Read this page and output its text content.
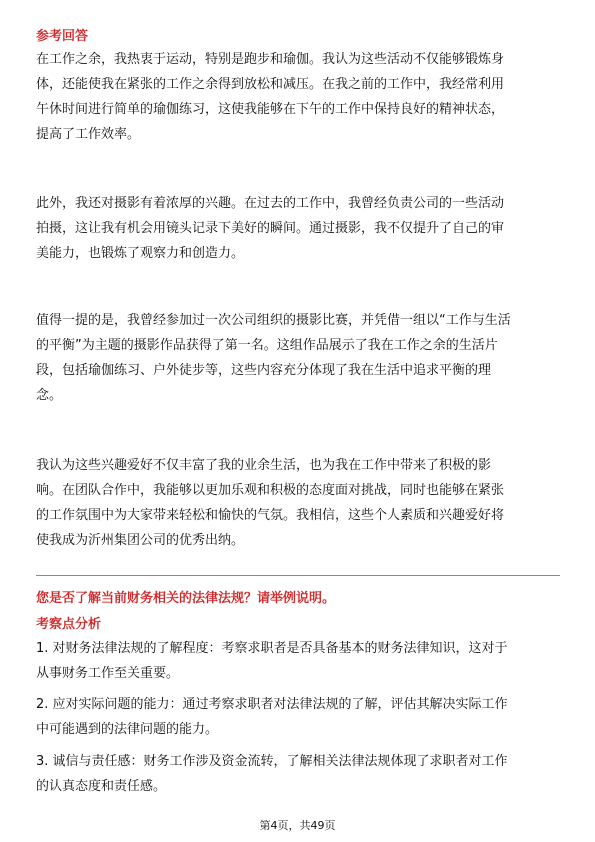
参考回答
在工作之余，我热衷于运动，特别是跑步和瑜伽。我认为这些活动不仅能够锻炼身
体，还能使我在紧张的工作之余得到放松和减压。在我之前的工作中，我经常利用
午休时间进行简单的瑜伽练习，这使我能够在下午的工作中保持良好的精神状态，
提高了工作效率。
此外，我还对摄影有着浓厚的兴趣。在过去的工作中，我曾经负责公司的一些活动
拍摄，这让我有机会用镜头记录下美好的瞬间。通过摄影，我不仅提升了自己的审
美能力，也锻炼了观察力和创造力。
值得一提的是，我曾经参加过一次公司组织的摄影比赛，并凭借一组以“工作与生活
的平衡”为主题的摄影作品获得了第一名。这组作品展示了我在工作之余的生活片
段，包括瑜伽练习、户外徒步等，这些内容充分体现了我在生活中追求平衡的理
念。
我认为这些兴趣爱好不仅丰富了我的业余生活，也为我在工作中带来了积极的影
响。在团队合作中，我能够以更加乐观和积极的态度面对挑战，同时也能够在紧张
的工作氛围中为大家带来轻松和愉快的气氛。我相信，这些个人素质和兴趣爱好将
使我成为沂州集团公司的优秀出纳。
您是否了解当前财务相关的法律法规？请举例说明。
考察点分析
1. 对财务法律法规的了解程度：考察求职者是否具备基本的财务法律知识，这对于
从事财务工作至关重要。
2. 应对实际问题的能力：通过考察求职者对法律法规的了解，评估其解决实际工作
中可能遇到的法律问题的能力。
3. 诚信与责任感：财务工作涉及资金流转，了解相关法律法规体现了求职者对工作
的认真态度和责任感。
第4页，共49页
